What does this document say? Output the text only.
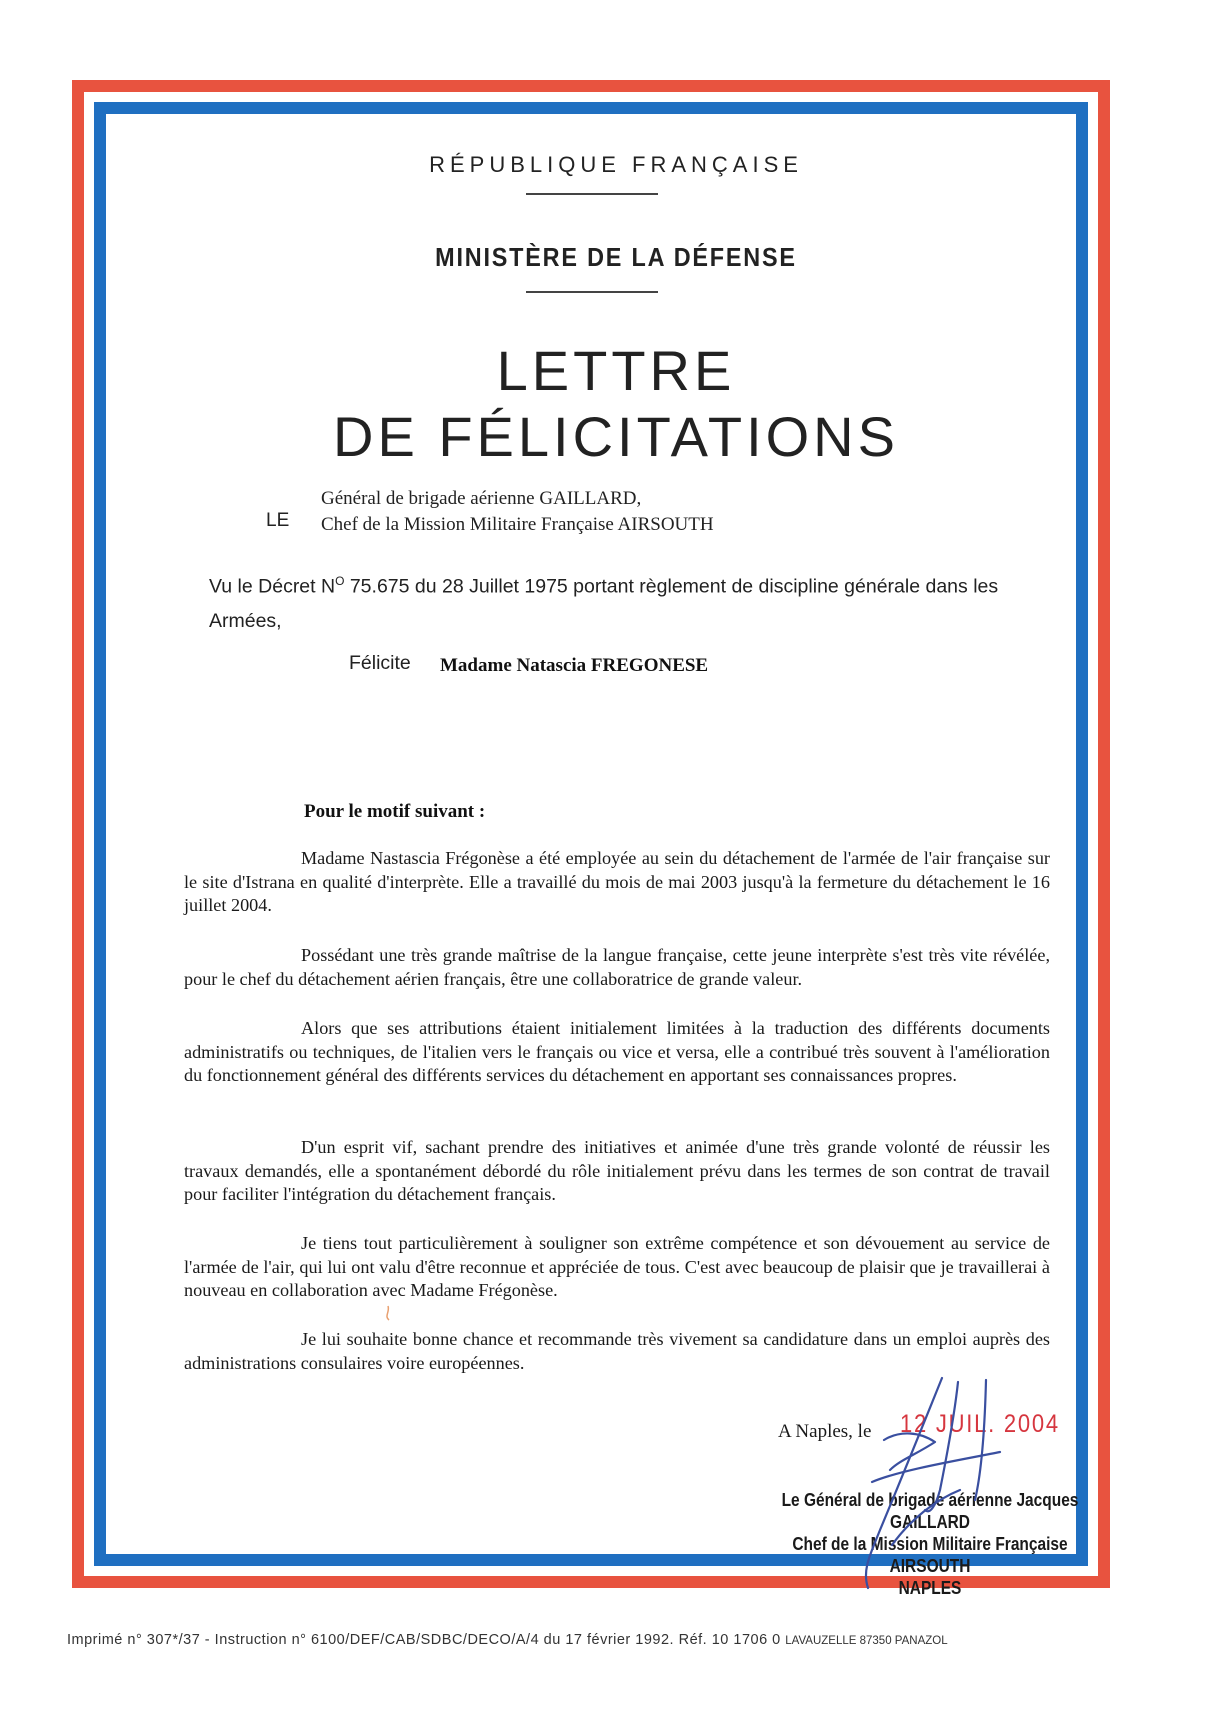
RÉPUBLIQUE FRANÇAISE
MINISTÈRE DE LA DÉFENSE
LETTRE
DE FÉLICITATIONS
LE
Général de brigade aérienne GAILLARD,
Chef de la Mission Militaire Française AIRSOUTH
Vu le Décret $N^O$ 75.675 du 28 Juillet 1975 portant règlement de discipline générale dans les Armées,
Félicite Madame Natascia FREGONESE
Pour le motif suivant :
Madame Nastascia Frégonèse a été employée au sein du détachement de l'armée de l'air française sur le site d'Istrana en qualité d'interprète. Elle a travaillé du mois de mai 2003 jusqu'à la fermeture du détachement le 16 juillet 2004.
Possédant une très grande maîtrise de la langue française, cette jeune interprète s'est très vite révélée, pour le chef du détachement aérien français, être une collaboratrice de grande valeur.
Alors que ses attributions étaient initialement limitées à la traduction des différents documents administratifs ou techniques, de l'italien vers le français ou vice et versa, elle a contribué très souvent à l'amélioration du fonctionnement général des différents services du détachement en apportant ses connaissances propres.
D'un esprit vif, sachant prendre des initiatives et animée d'une très grande volonté de réussir les travaux demandés, elle a spontanément débordé du rôle initialement prévu dans les termes de son contrat de travail pour faciliter l'intégration du détachement français.
Je tiens tout particulièrement à souligner son extrême compétence et son dévouement au service de l'armée de l'air, qui lui ont valu d'être reconnue et appréciée de tous. C'est avec beaucoup de plaisir que je travaillerai à nouveau en collaboration avec Madame Frégonèse.
Je lui souhaite bonne chance et recommande très vivement sa candidature dans un emploi auprès des administrations consulaires voire européennes.
A Naples, le 12 JUIL. 2004
Le Général de brigade aérienne Jacques GAILLARD
Chef de la Mission Militaire Française AIRSOUTH
NAPLES
Imprimé n° 307*/37 - Instruction n° 6100/DEF/CAB/SDBC/DECO/A/4 du 17 février 1992. Réf. 10 1706 0 LAVAUZELLE 87350 PANAZOL
